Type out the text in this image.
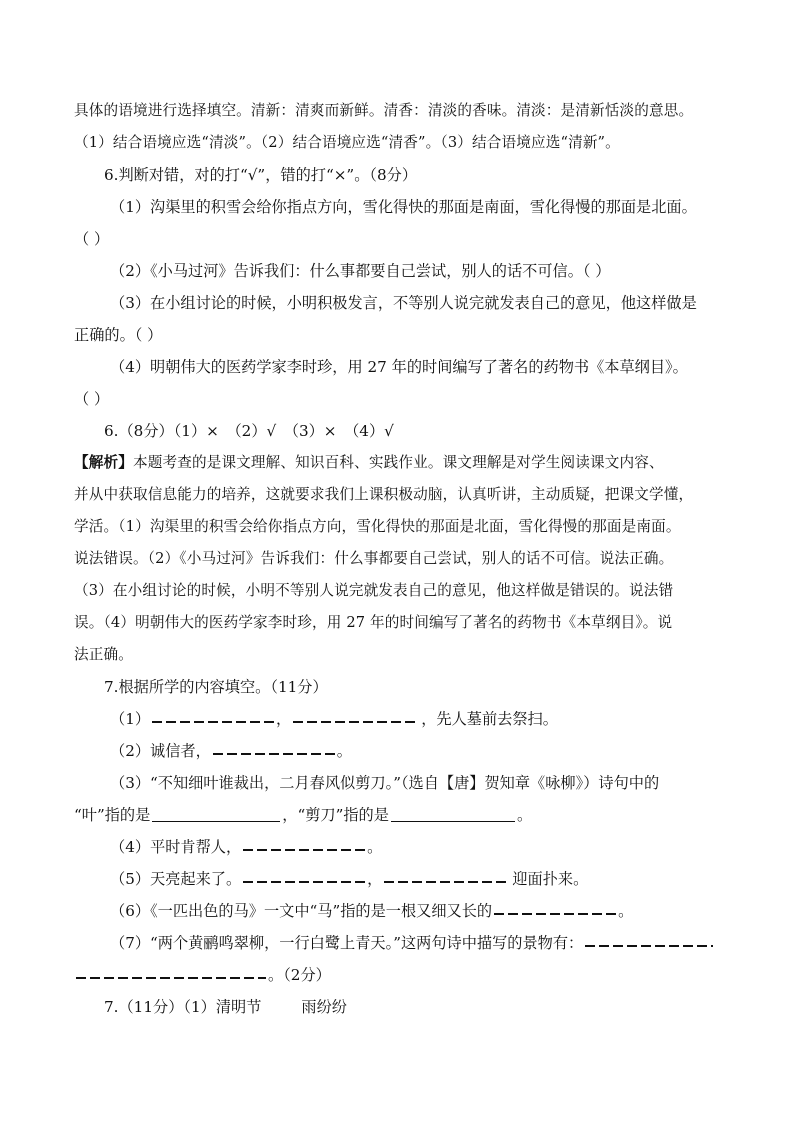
具体的语境进行选择填空。清新：清爽而新鲜。清香：清淡的香味。清淡：是清新恬淡的意思。
（1）结合语境应选“清淡”。（2）结合语境应选“清香”。（3）结合语境应选“清新”。
6.判断对错，对的打“√”，错的打“×”。（8分）
（1）沟渠里的积雪会给你指点方向，雪化得快的那面是南面，雪化得慢的那面是北面。
（ ）
（2）《小马过河》告诉我们：什么事都要自己尝试，别人的话不可信。（ ）
（3）在小组讨论的时候，小明积极发言，不等别人说完就发表自己的意见，他这样做是
正确的。（ ）
（4）明朝伟大的医药学家李时珍，用 27 年的时间编写了著名的药物书《本草纲目》。
（ ）
6.（8分）（1）×　（2）√　（3）×　（4）√
【解析】本题考查的是课文理解、知识百科、实践作业。课文理解是对学生阅读课文内容、
并从中获取信息能力的培养，这就要求我们上课积极动脑，认真听讲，主动质疑，把课文学懂，
学活。（1）沟渠里的积雪会给你指点方向，雪化得快的那面是北面，雪化得慢的那面是南面。
说法错误。（2）《小马过河》告诉我们：什么事都要自己尝试，别人的话不可信。说法正确。
（3）在小组讨论的时候，小明不等别人说完就发表自己的意见，他这样做是错误的。说法错
误。（4）明朝伟大的医药学家李时珍，用 27 年的时间编写了著名的药物书《本草纲目》。说
法正确。
7.根据所学的内容填空。（11分）
（1）	，	，先人墓前去祭扫。
（2）诚信者，	。
（3）“不知细叶谁裁出，二月春风似剪刀。”（选自【唐】贺知章《咏柳》）诗句中的
“叶”指的是	，“剪刀”指的是	。
（4）平时肯帮人，	。
（5）天亮起来了。	，	迎面扑来。
（6）《一匹出色的马》一文中“马”指的是一根又细又长的	。
（7）“两个黄鹂鸣翠柳，一行白鹭上青天。”这两句诗中描写的景物有：
。（2分）
7.（11分）（1）清明节	雨纷纷
